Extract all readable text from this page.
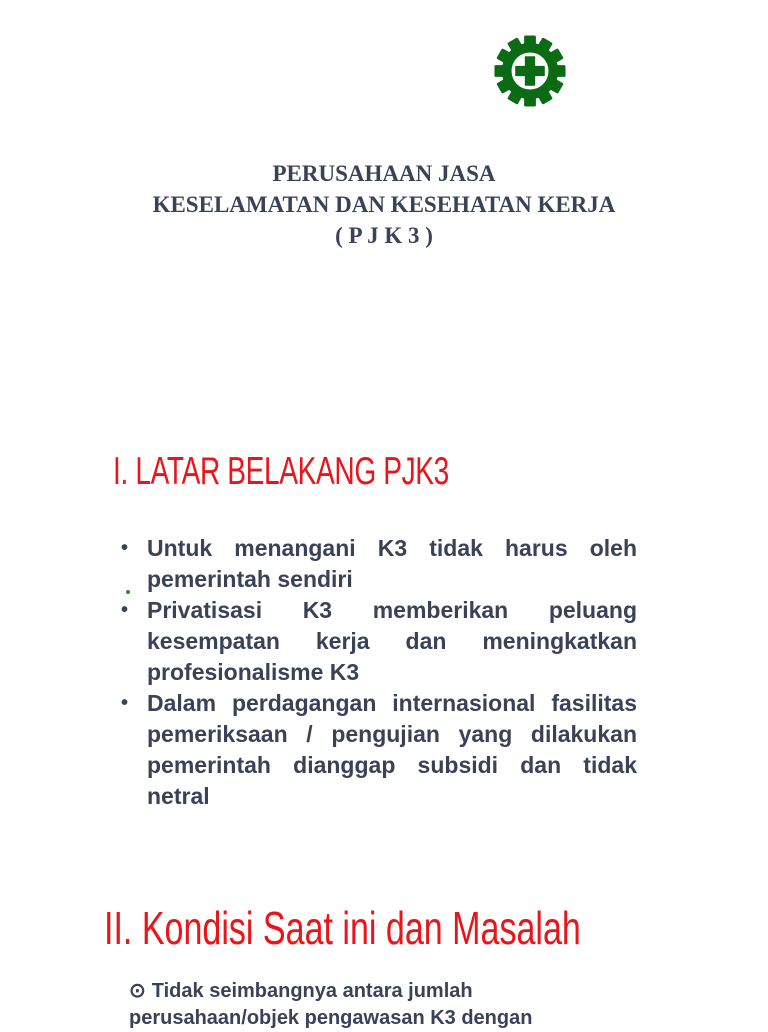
PERUSAHAAN JASA
KESELAMATAN DAN KESEHATAN KERJA
( P J K 3 )
I. LATAR BELAKANG PJK3
• Untuk menangani K3 tidak harus oleh pemerintah sendiri
• Privatisasi K3 memberikan peluang kesempatan kerja dan meningkatkan profesionalisme K3
• Dalam perdagangan internasional fasilitas pemeriksaan / pengujian yang dilakukan pemerintah dianggap subsidi dan tidak netral
II. Kondisi Saat ini dan Masalah
⊙ Tidak seimbangnya antara jumlah perusahaan/objek pengawasan K3 dengan
